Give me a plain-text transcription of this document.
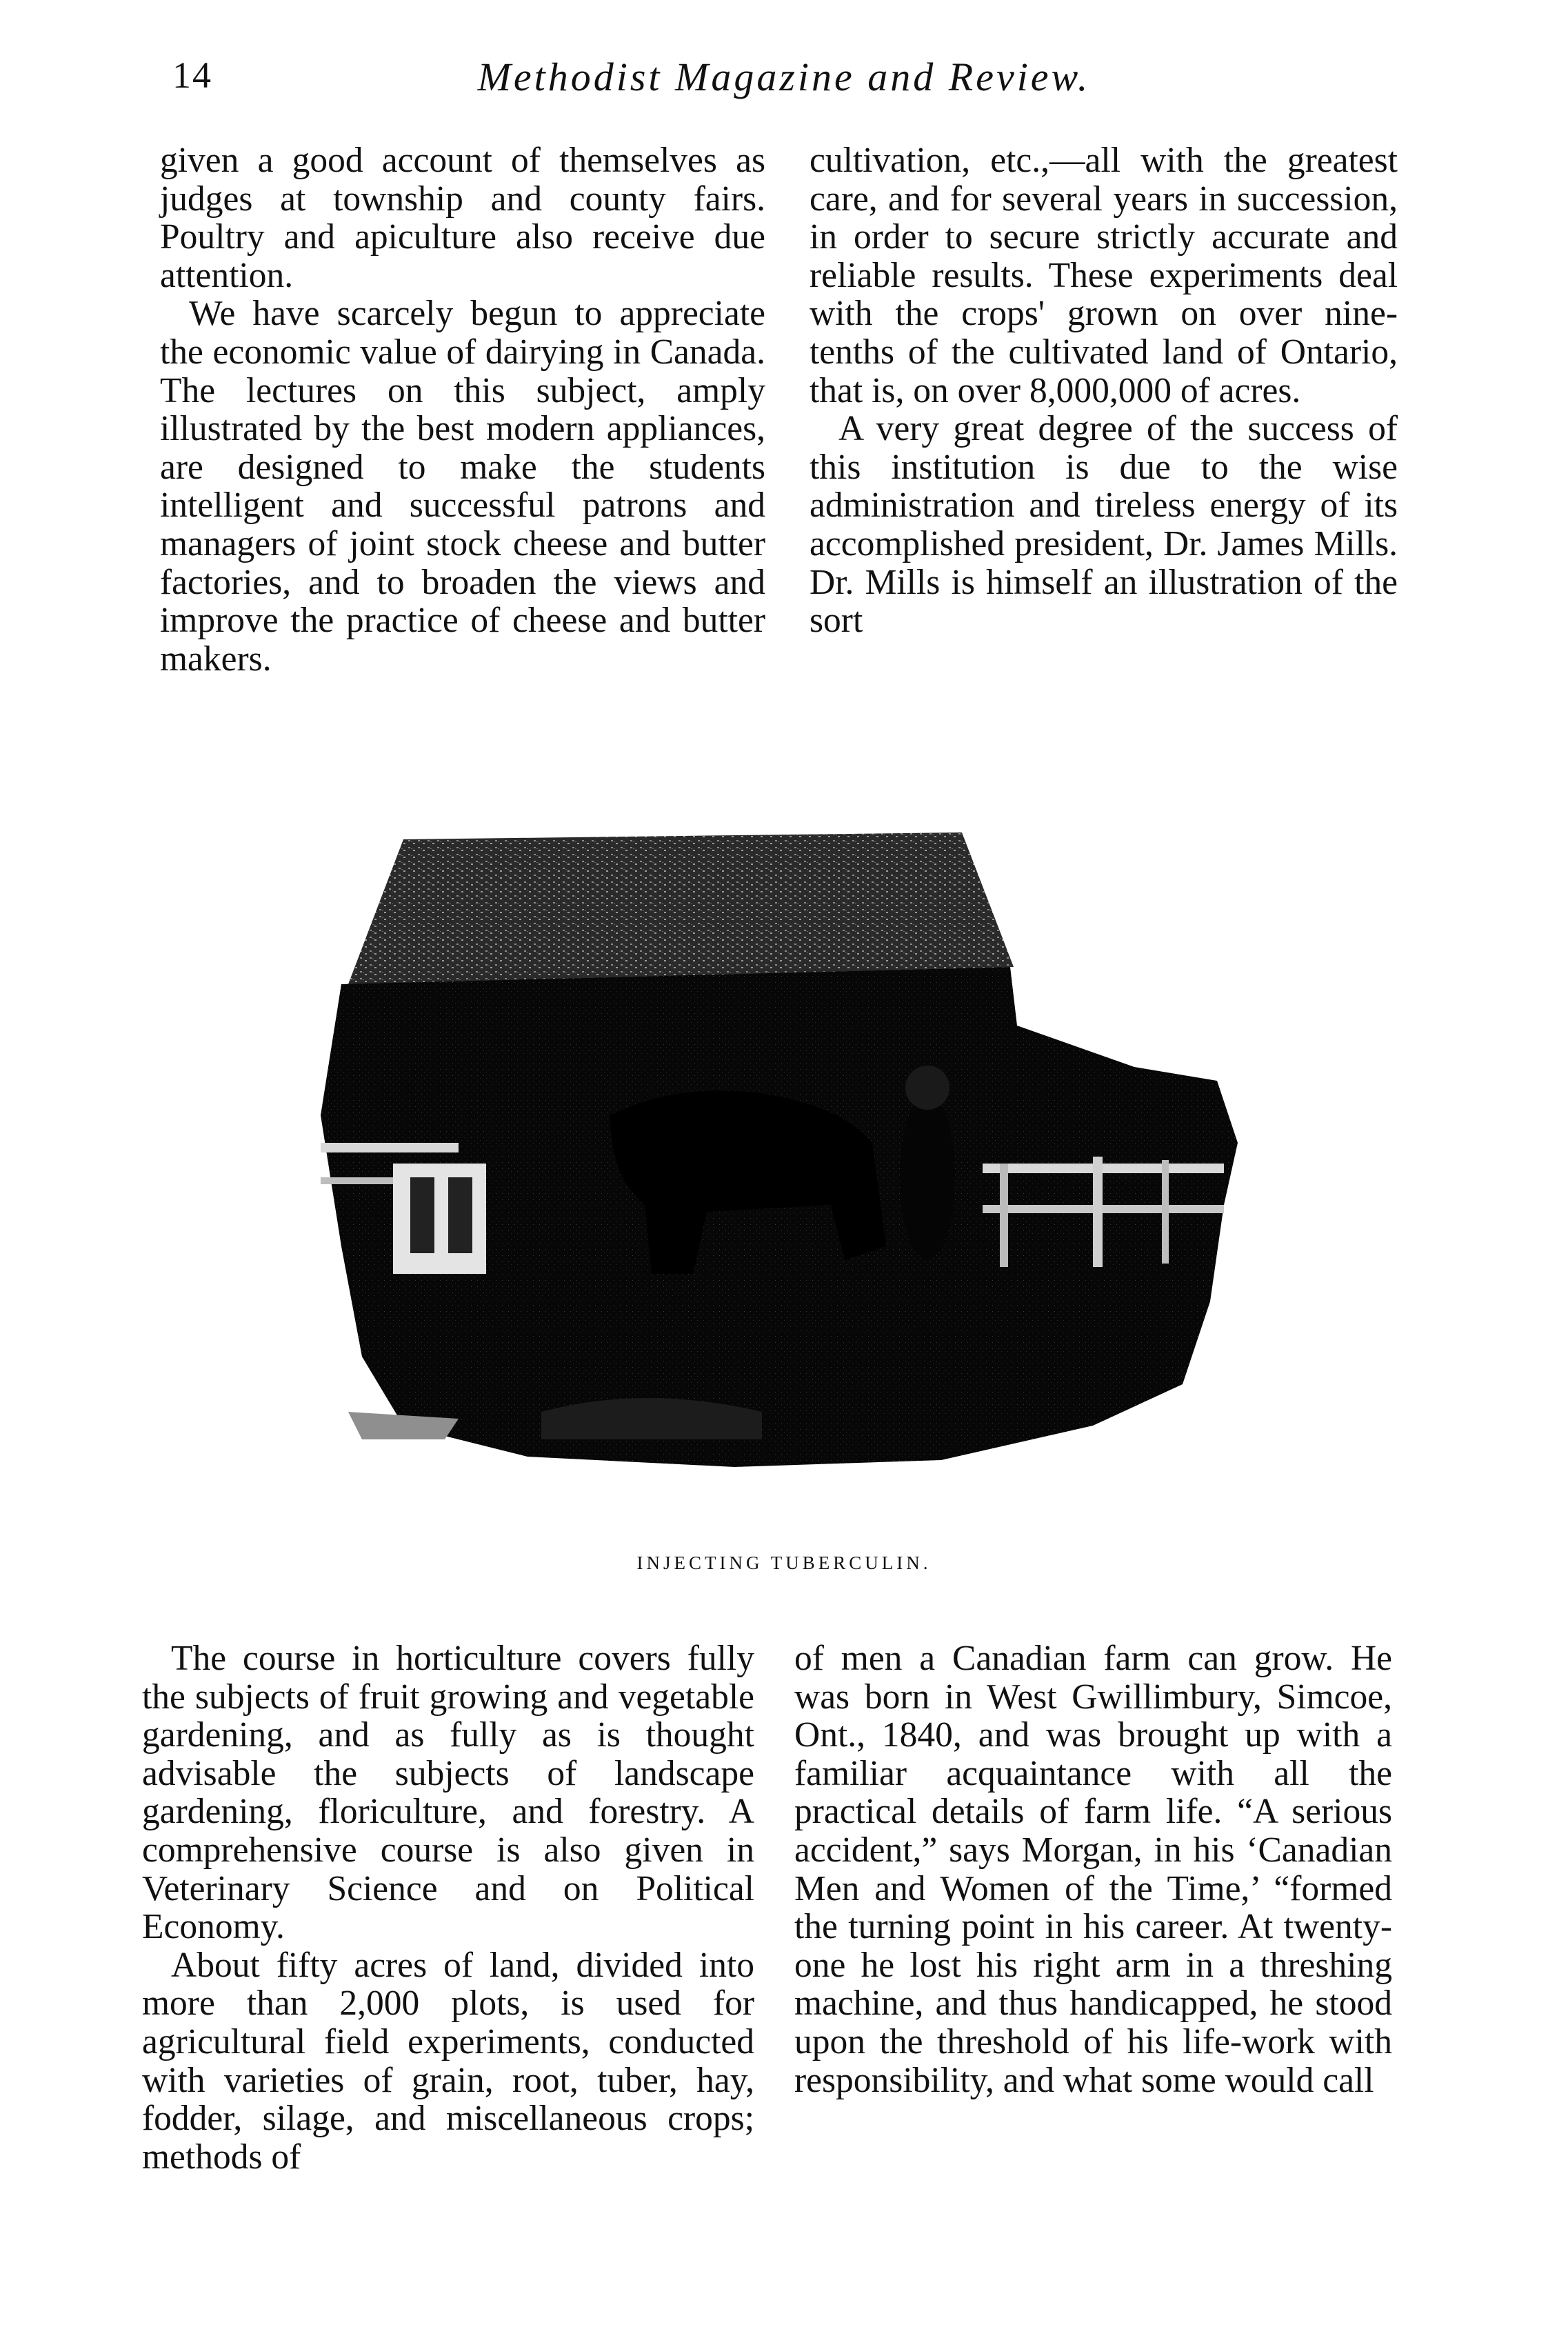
14	Methodist Magazine and Review.

given a good account of themselves as judges at township and county fairs. Poultry and apiculture also receive due attention.

We have scarcely begun to appreciate the economic value of dairying in Canada. The lectures on this subject, amply illustrated by the best modern appliances, are designed to make the students intelligent and successful patrons and managers of joint stock cheese and butter factories, and to broaden the views and improve the practice of cheese and butter makers.

cultivation, etc.,—all with the greatest care, and for several years in succession, in order to secure strictly accurate and reliable results. These experiments deal with the crops' grown on over nine-tenths of the cultivated land of Ontario, that is, on over 8,000,000 of acres.

A very great degree of the success of this institution is due to the wise administration and tireless energy of its accomplished president, Dr. James Mills. Dr. Mills is himself an illustration of the sort

INJECTING TUBERCULIN.

The course in horticulture covers fully the subjects of fruit growing and vegetable gardening, and as fully as is thought advisable the subjects of landscape gardening, floriculture, and forestry. A comprehensive course is also given in Veterinary Science and on Political Economy.

About fifty acres of land, divided into more than 2,000 plots, is used for agricultural field experiments, conducted with varieties of grain, root, tuber, hay, fodder, silage, and miscellaneous crops; methods of

of men a Canadian farm can grow. He was born in West Gwillimbury, Simcoe, Ont., 1840, and was brought up with a familiar acquaintance with all the practical details of farm life. “A serious accident,” says Morgan, in his ‘Canadian Men and Women of the Time,’ “formed the turning point in his career. At twenty-one he lost his right arm in a threshing machine, and thus handicapped, he stood upon the threshold of his life-work with responsibility, and what some would call
